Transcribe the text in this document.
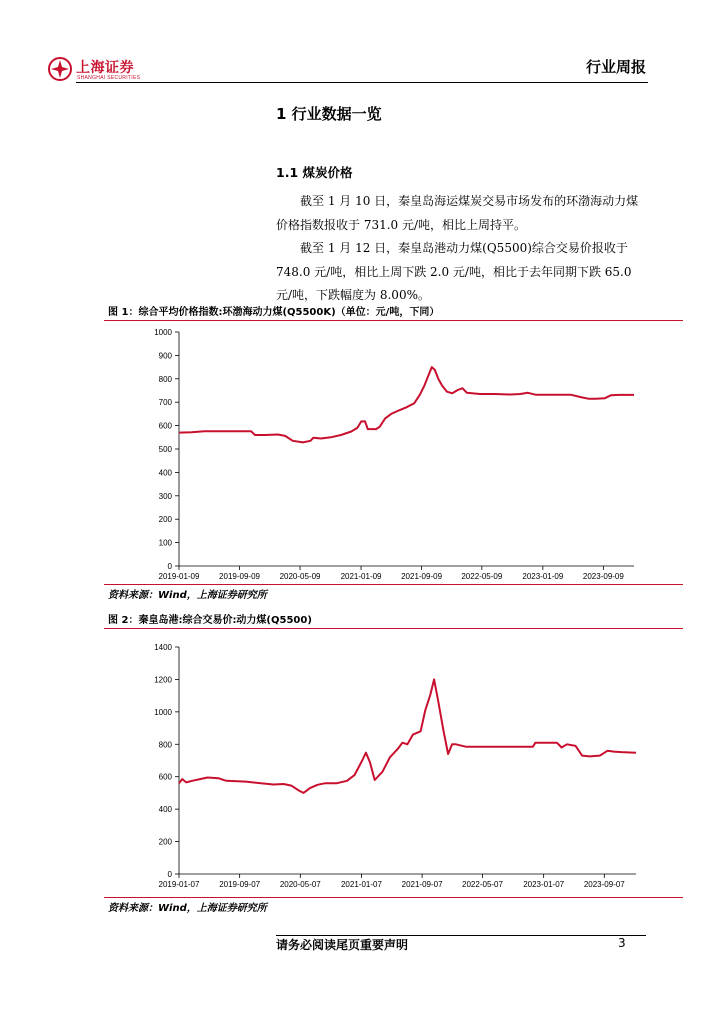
上海证券
SHANGHAI SECURITIES
行业周报
1 行业数据一览
1.1 煤炭价格

截至 1 月 10 日，秦皇岛海运煤炭交易市场发布的环渤海动力煤价格指数报收于 731.0 元/吨，相比上周持平。

截至 1 月 12 日，秦皇岛港动力煤(Q5500)综合交易价报收于 748.0 元/吨，相比上周下跌 2.0 元/吨，相比于去年同期下跌 65.0 元/吨，下跌幅度为 8.00%。

图 1：综合平均价格指数:环渤海动力煤(Q5500K)（单位：元/吨，下同）
0
100
200
300
400
500
600
700
800
900
1000
2019-01-09 2019-09-09 2020-05-09	2021-01-09 2021-09-09 2022-05-09	2023-01-09 2023-09-09
资料来源：Wind，上海证券研究所
图 2：秦皇岛港:综合交易价:动力煤(Q5500)
0
200
400
600
800
1000
1200
1400
2019-01-07 2019-09-07 2020-05-07	2021-01-07 2021-09-07 2022-05-07	2023-01-07 2023-09-07
资料来源：Wind，上海证券研究所
请务必阅读尾页重要声明	3
